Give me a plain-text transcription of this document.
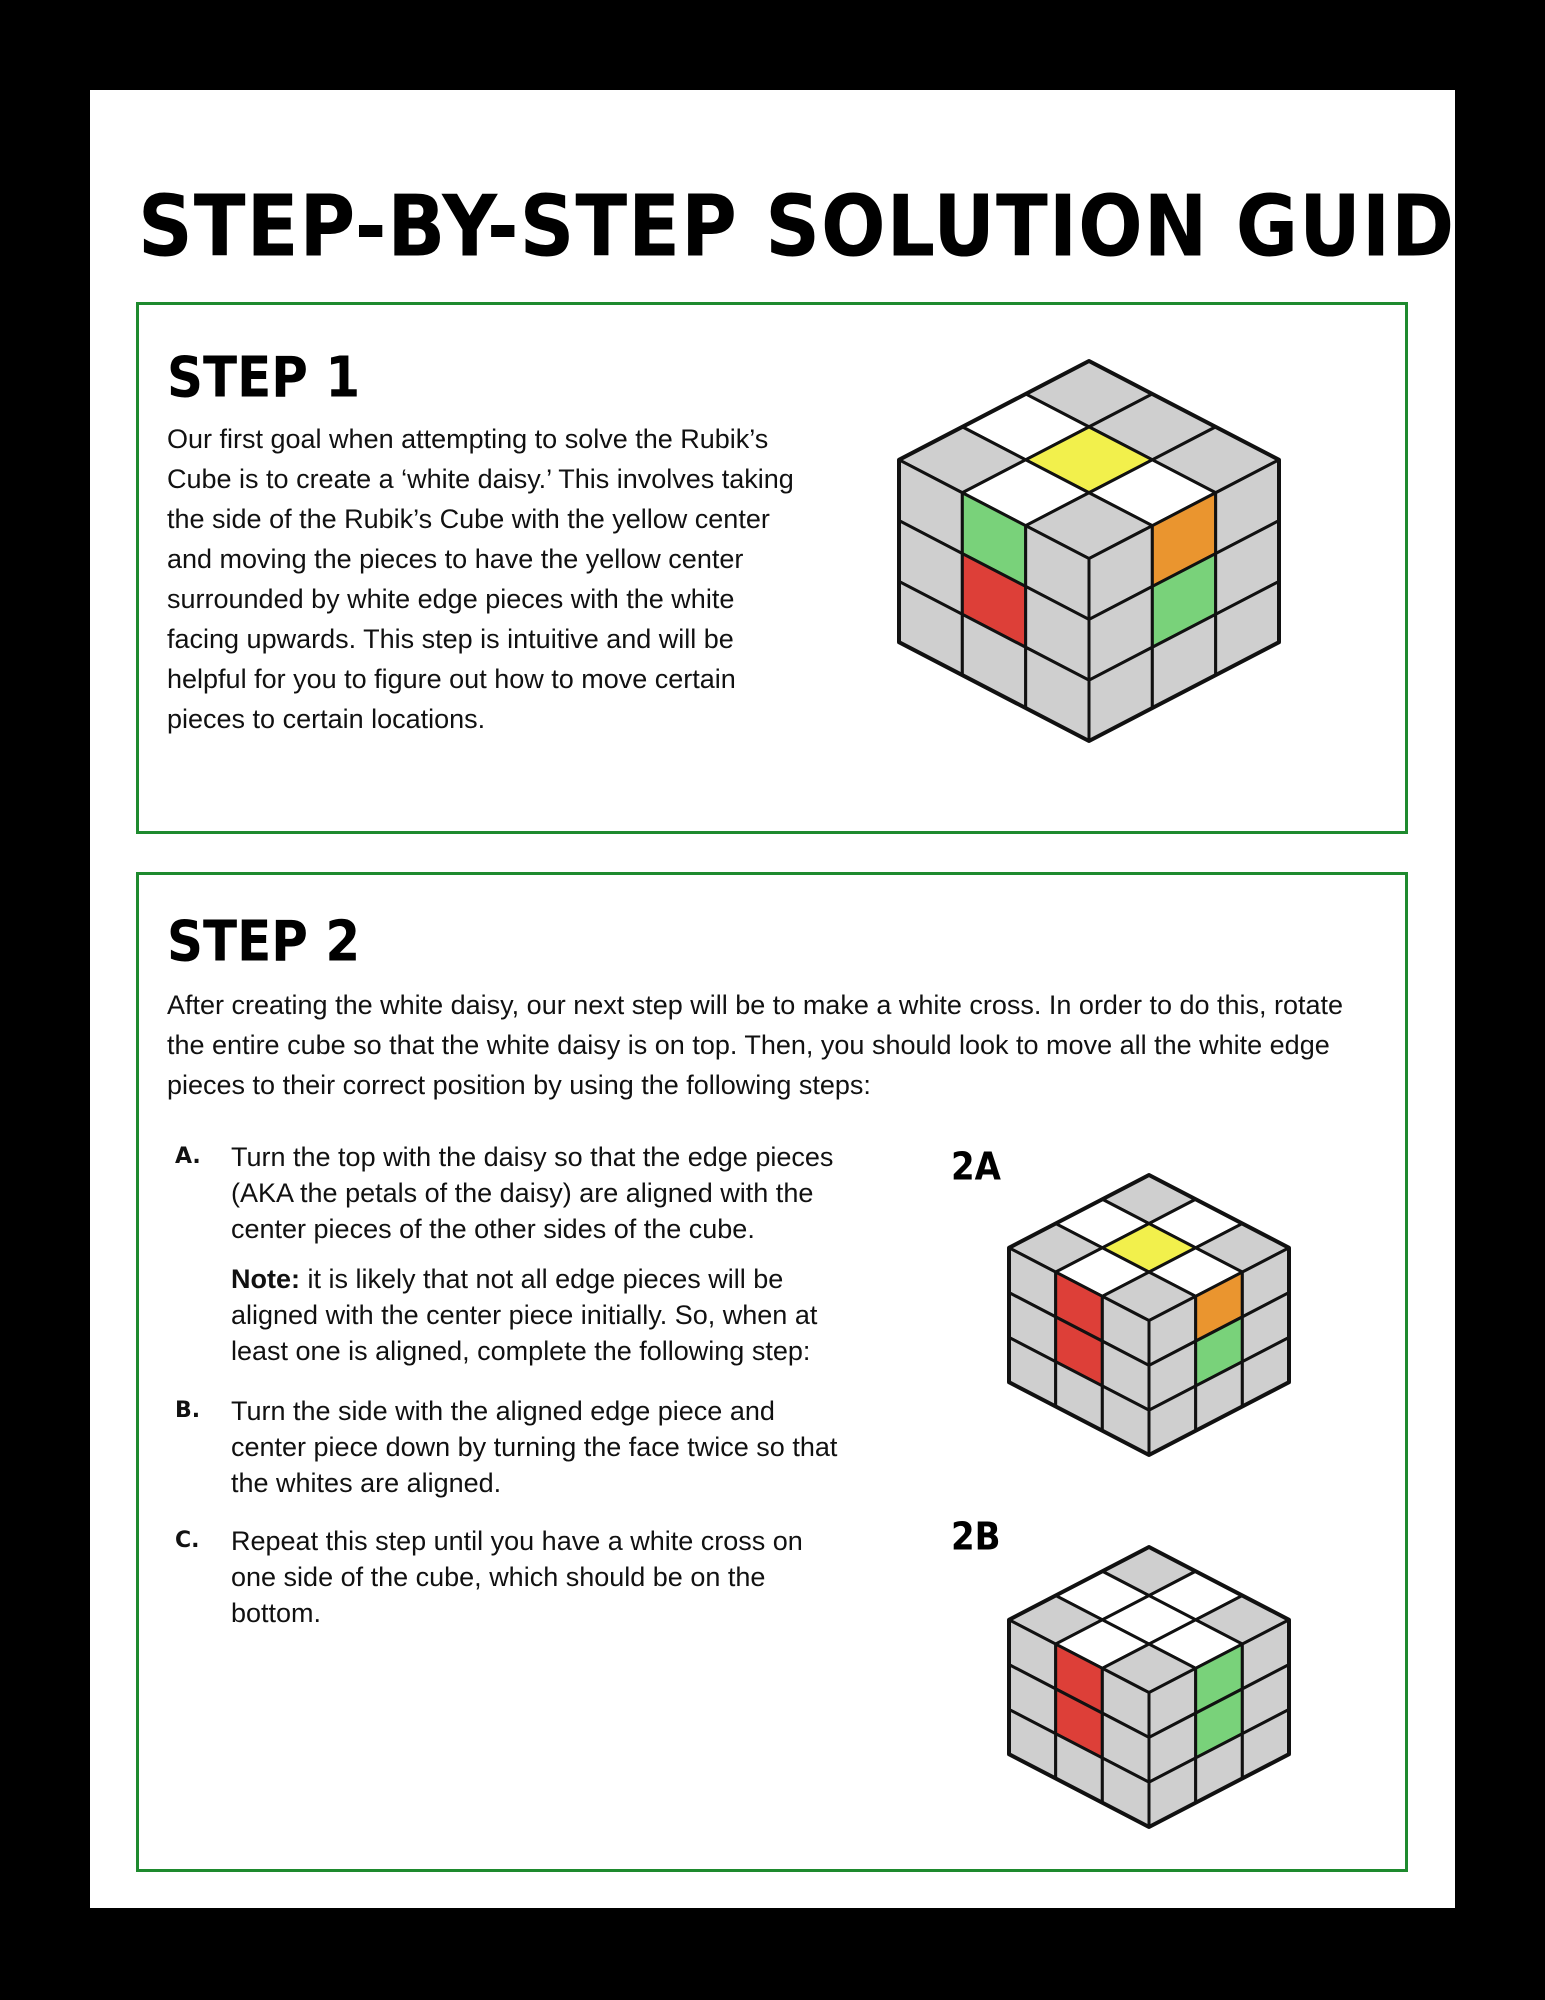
STEP-BY-STEP SOLUTION GUIDE
STEP 1

Our first goal when attempting to solve the Rubik’s Cube is to create a ‘white daisy.’ This involves taking the side of the Rubik’s Cube with the yellow center and moving the pieces to have the yellow center surrounded by white edge pieces with the white facing upwards. This step is intuitive and will be helpful for you to figure out how to move certain pieces to certain locations.

STEP 2

After creating the white daisy, our next step will be to make a white cross. In order to do this, rotate the entire cube so that the white daisy is on top. Then, you should look to move all the white edge pieces to their correct position by using the following steps:

A. Turn the top with the daisy so that the edge pieces (AKA the petals of the daisy) are aligned with the center pieces of the other sides of the cube.
Note: it is likely that not all edge pieces will be aligned with the center piece initially. So, when at least one is aligned, complete the following step:
B. Turn the side with the aligned edge piece and center piece down by turning the face twice so that the whites are aligned.
C. Repeat this step until you have a white cross on one side of the cube, which should be on the bottom.
2A
2B
